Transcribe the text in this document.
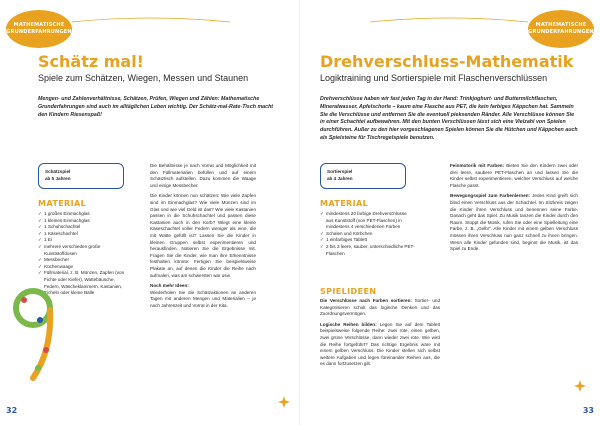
MATHEMATISCHE
GRUNDERFAHRUNGEN
Schätz mal!
Spiele zum Schätzen, Wiegen, Messen und Staunen
Mengen- und Zahlenverhältnisse, Schätzen, Prüfen, Wiegen und Zählen: Mathematische Grunderfahrungen sind auch im alltäglichen Leben wichtig. Der Schätz-mal-Rate-Tisch macht den Kindern Riesenspaß!
Schätzspiel
ab 5 Jahren
MATERIAL
✓ 1 großes Einmachglas
✓ 1 kleines Einmachglas
✓ 1 Schuhschachtel
✓ 1 Käseschachtel
✓ 1 Ei
✓ mehrere verschieden große Kunststoffdosen
✓ Messbecher
✓ Küchenwaage
✓ Füllmaterial, z. B. Münzen, Zapfen (von Fichte oder Kiefer), Wattebäusche, Federn, Wäscheklammern, Kastanien, Eicheln oder kleine Bälle

Die Behältnisse je nach Vorrat und Möglichkeit mit den Füllmaterialien befüllen und auf einem Schätztisch aufstellen. Dazu kommen die Waage und einige Messbecher.

Die Kinder können nun schätzen: Wie viele Zapfen sind im Einmachglas? Wie viele Münzen sind im Glas und wie viel Geld ist das? Wie viele Kastanien passen in die Schuhschachtel und passen diese Kastanien auch in den Korb? Wiegt eine kleine Käseschachtel voller Federn weniger als eine, die mit Watte gefüllt ist? Lassen Sie die Kinder in kleinen Gruppen selbst experimentieren und herausfinden. Notieren Sie die Ergebnisse mit. Fragen Sie die Kinder, wie man ihre Erkenntnisse festhalten könnte: Fertigen Sie beispielsweise Plakate an, auf denen die Kinder die Reihe nach aufmalen, was am schwersten war usw.

Noch mehr Ideen:
Wiederholen Sie die Schätzaktionen an anderen Tagen mit anderen Mengen und Materialien – je nach Jahreszeit und Vorrat in der Kita.

32
MATHEMATISCHE
GRUNDERFAHRUNGEN
Drehverschluss-Mathematik
Logiktraining und Sortierspiele mit Flaschenverschlüssen
Drehverschlüsse haben wir fast jeden Tag in der Hand: Trinkjoghurt- und Buttermilchflaschen, Mineralwasser, Apfelschorle – kaum eine Flasche aus PET, die kein farbiges Käppchen hat. Sammeln Sie die Verschlüsse und entfernen Sie die eventuell pieksenden Ränder. Alle Verschlüsse können Sie in einer Schachtel aufbewahren. Mit den bunten Verschlüssen lässt sich eine Vielzahl von Spielen durchführen. Außer zu den hier vorgeschlagenen Spielen können Sie die Hütchen und Käppchen auch als Spielsteine für Tischregelspiele benutzen.
Sortierspiel
ab 4 Jahren
MATERIAL
✓ mindestens 20 farbige Drehverschlüsse aus Kunststoff (von PET-Flaschen) in mindestens 4 verschiedenen Farben
✓ Schalen und Körbchen
✓ 1 einfarbiges Tablett
✓ 2 bis 3 leere, sauber, unterschiedliche PET-Flaschen
SPIELIDEEN

Die Verschlüsse nach Farben sortieren: Sortier- und Kategorisieren schult das logische Denken und das Zuordnungsvermögen.

Logische Reihen bilden: Legen Sie auf dem Tablett beispielsweise folgende Reihe: zwei rote, einen gelben, zwei grüne Verschlüsse, dann wieder zwei rote. Wie wird die Reihe fortgeführt? Das richtige Ergebnis wäre mit einem gelben Verschluss. Die Kinder stellen sich selbst weitere Aufgaben und legen füreinander Reihen aus, die es dann fortzusetzen gilt.

Feinmotorik mit Farben: Bieten Sie den Kindern zwei oder drei leere, saubere PET-Flaschen an und lassen Sie die Kinder selbst experimentieren, welcher Verschluss auf welche Flasche passt.

Bewegungsspiel zum Farbenlernen: Jedes Kind greift sich blind einen Verschluss aus der Schachtel. Im Sitzkreis zeigen die Kinder ihren Verschluss und benennen seine Farbe. Danach geht das Spiel. Zu Musik tanzen die Kinder durch den Raum. Stoppt die Musik, rufen Sie oder eine Spielleitung eine Farbe, z. B. „Gelb!“. Alle Kinder mit einem gelben Verschluss müssen ihren Verschluss nun ganz schnell zu ihnen bringen. Wenn alle Kinder gefunden sind, beginnt die Musik, ist das Spiel zu Ende.

33
